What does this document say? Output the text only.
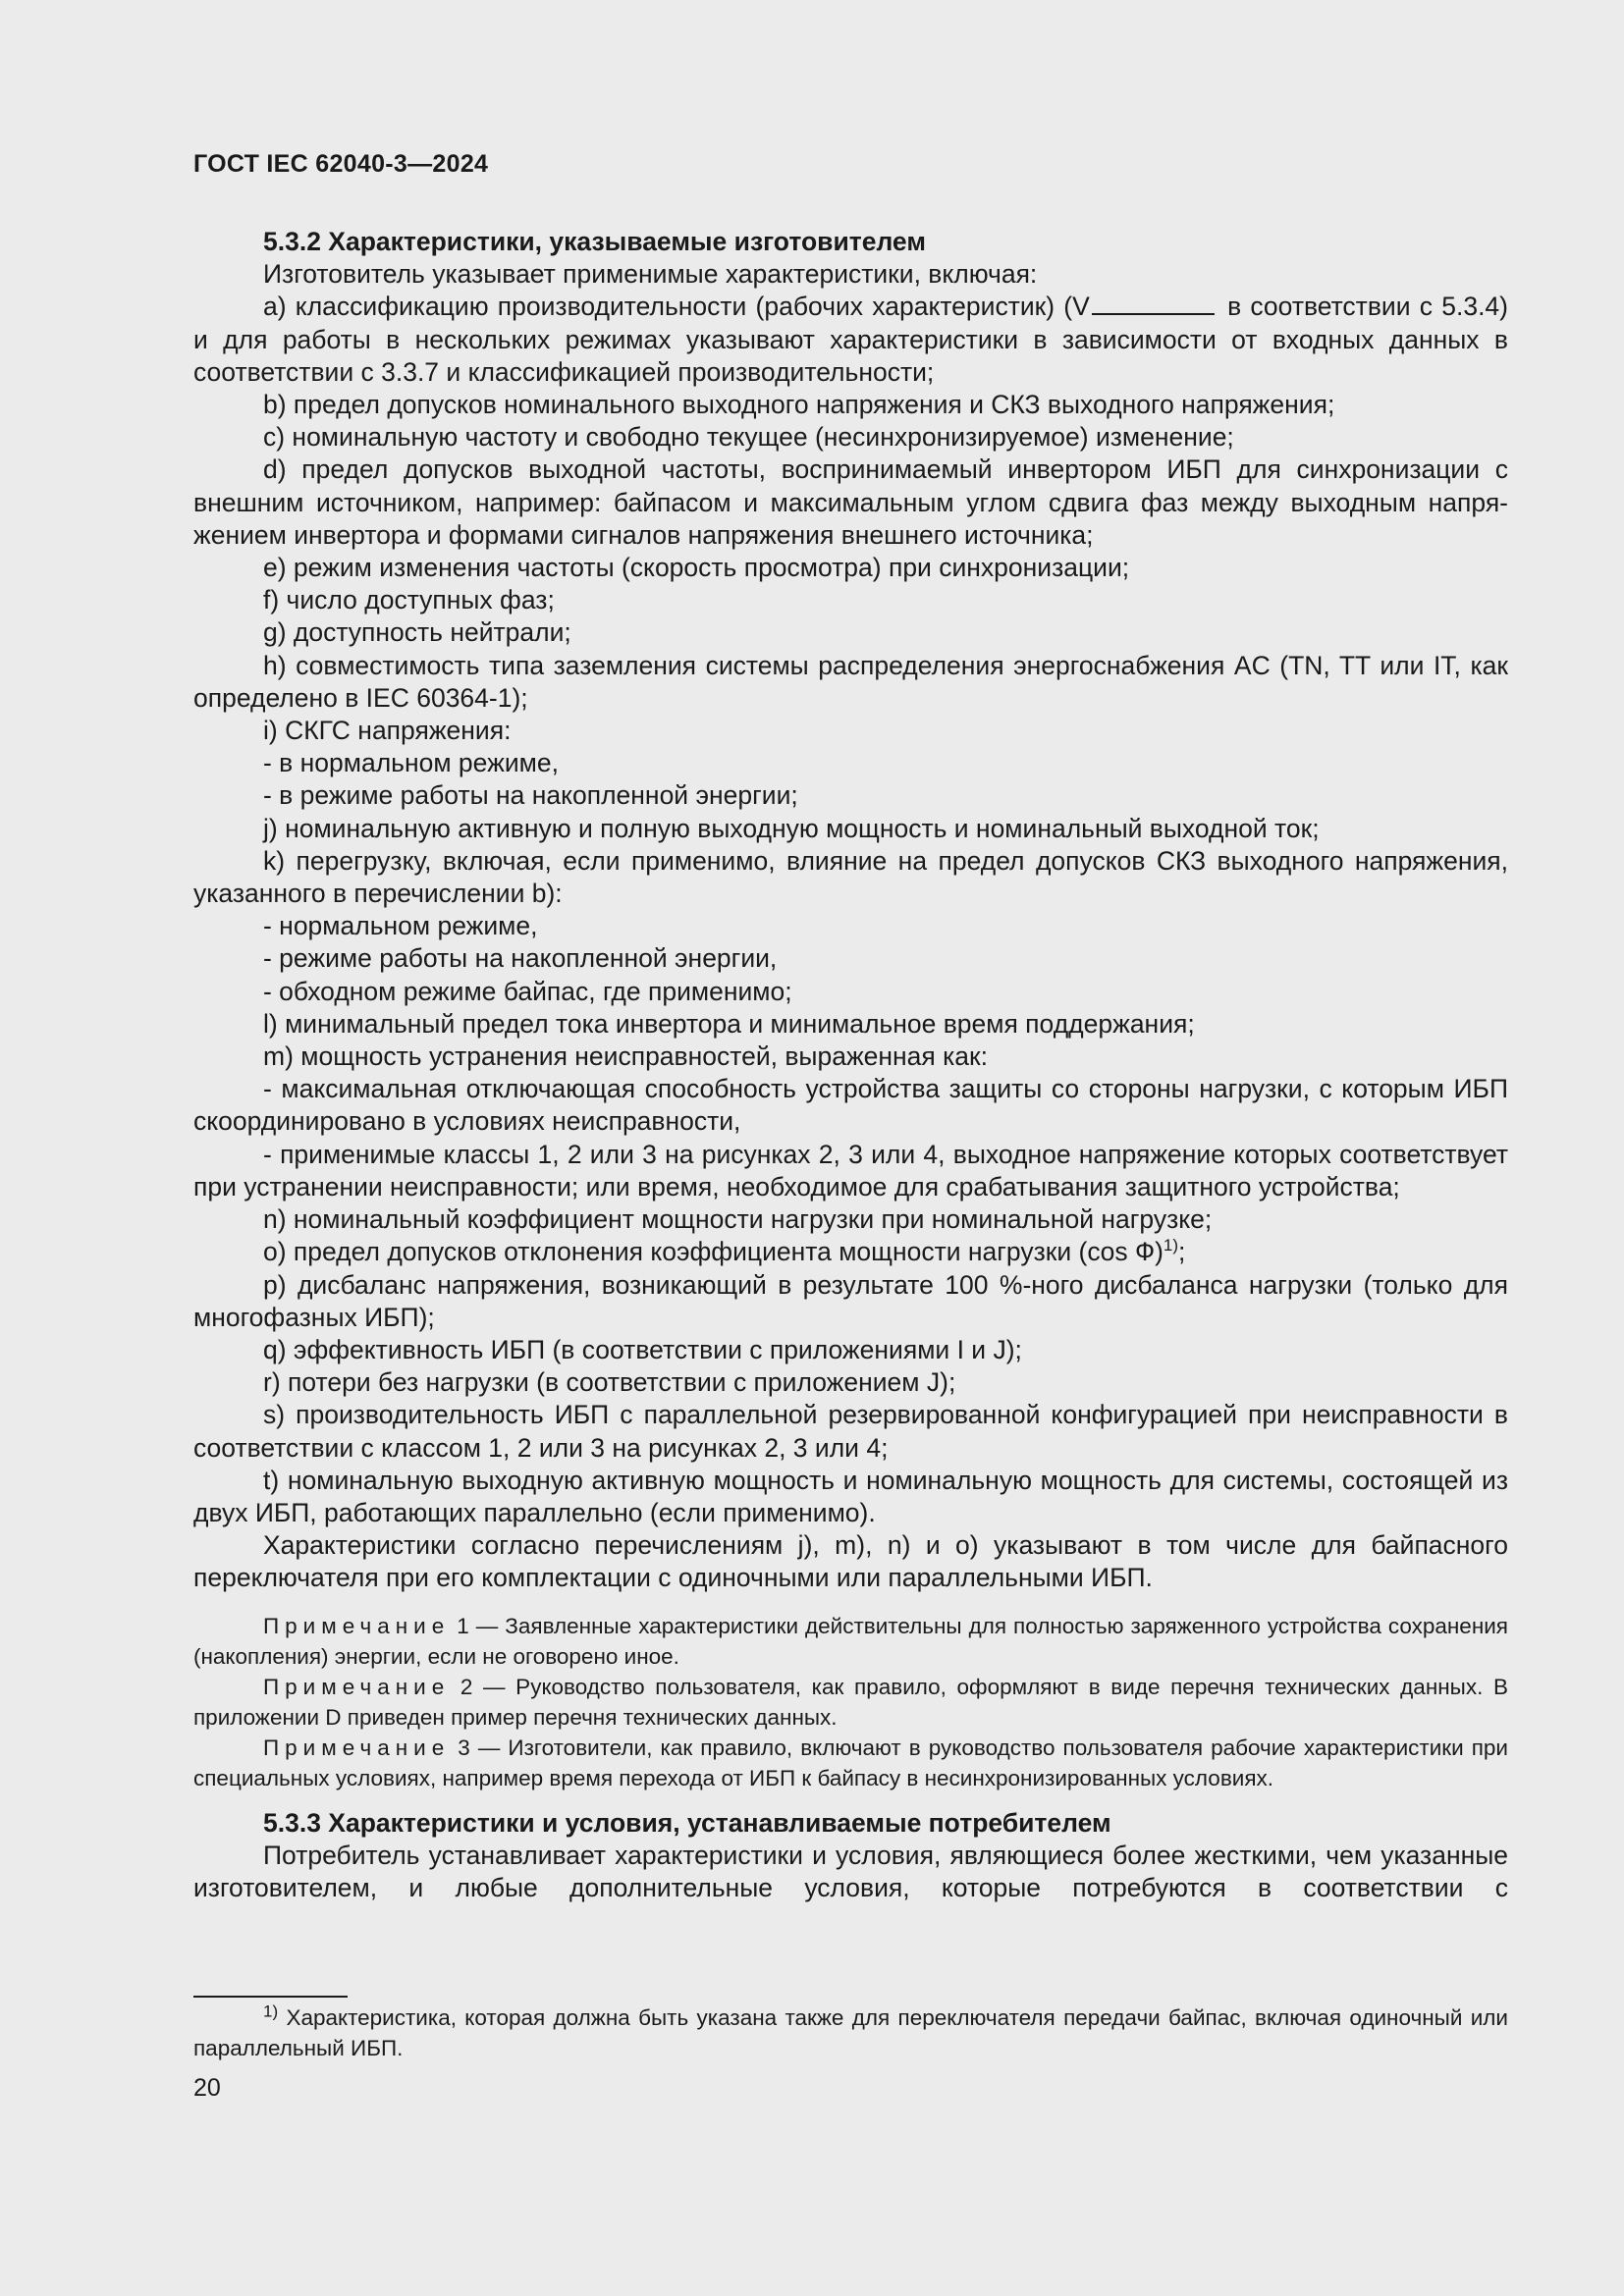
ГОСТ IEC 62040-3—2024

5.3.2 Характеристики, указываемые изготовителем

Изготовитель указывает применимые характеристики, включая:

a) классификацию производительности (рабочих характеристик) (V	в соответствии с 5.3.4) и для работы в нескольких режимах указывают характеристики в зависимости от входных данных в соответствии с 3.3.7 и классификацией производительности;

b) предел допусков номинального выходного напряжения и СКЗ выходного напряжения;

c) номинальную частоту и свободно текущее (несинхронизируемое) изменение;

d) предел допусков выходной частоты, воспринимаемый инвертором ИБП для синхронизации с внешним источником, например: байпасом и максимальным углом сдвига фаз между выходным напряжением инвертора и формами сигналов напряжения внешнего источника;

e) режим изменения частоты (скорость просмотра) при синхронизации;

f) число доступных фаз;

g) доступность нейтрали;

h) совместимость типа заземления системы распределения энергоснабжения AC (TN, TT или IT, как определено в IEC 60364-1);

i) СКГС напряжения:

- в нормальном режиме,

- в режиме работы на накопленной энергии;

j) номинальную активную и полную выходную мощность и номинальный выходной ток;

k) перегрузку, включая, если применимо, влияние на предел допусков СКЗ выходного напряжения, указанного в перечислении b):

- нормальном режиме,

- режиме работы на накопленной энергии,

- обходном режиме байпас, где применимо;

l) минимальный предел тока инвертора и минимальное время поддержания;

m) мощность устранения неисправностей, выраженная как:

- максимальная отключающая способность устройства защиты со стороны нагрузки, с которым ИБП скоординировано в условиях неисправности,

- применимые классы 1, 2 или 3 на рисунках 2, 3 или 4, выходное напряжение которых соответствует при устранении неисправности; или время, необходимое для срабатывания защитного устройства;

n) номинальный коэффициент мощности нагрузки при номинальной нагрузке;

o) предел допусков отклонения коэффициента мощности нагрузки (cos Ф)$^{1)}$;

p) дисбаланс напряжения, возникающий в результате 100 %-ного дисбаланса нагрузки (только для многофазных ИБП);

q) эффективность ИБП (в соответствии с приложениями I и J);

r) потери без нагрузки (в соответствии с приложением J);

s) производительность ИБП с параллельной резервированной конфигурацией при неисправности в соответствии с классом 1, 2 или 3 на рисунках 2, 3 или 4;

t) номинальную выходную активную мощность и номинальную мощность для системы, состоящей из двух ИБП, работающих параллельно (если применимо).

Характеристики согласно перечислениям j), m), n) и o) указывают в том числе для байпасного переключателя при его комплектации с одиночными или параллельными ИБП.

Примечание 1 — Заявленные характеристики действительны для полностью заряженного устройства сохранения (накопления) энергии, если не оговорено иное.

Примечание 2 — Руководство пользователя, как правило, оформляют в виде перечня технических данных. В приложении D приведен пример перечня технических данных.

Примечание 3 — Изготовители, как правило, включают в руководство пользователя рабочие характеристики при специальных условиях, например время перехода от ИБП к байпасу в несинхронизированных условиях.

5.3.3 Характеристики и условия, устанавливаемые потребителем

Потребитель устанавливает характеристики и условия, являющиеся более жесткими, чем указанные изготовителем, и любые дополнительные условия, которые потребуются в соответствии с

$^{1)}$ Характеристика, которая должна быть указана также для переключателя передачи байпас, включая одиночный или параллельный ИБП.
20
